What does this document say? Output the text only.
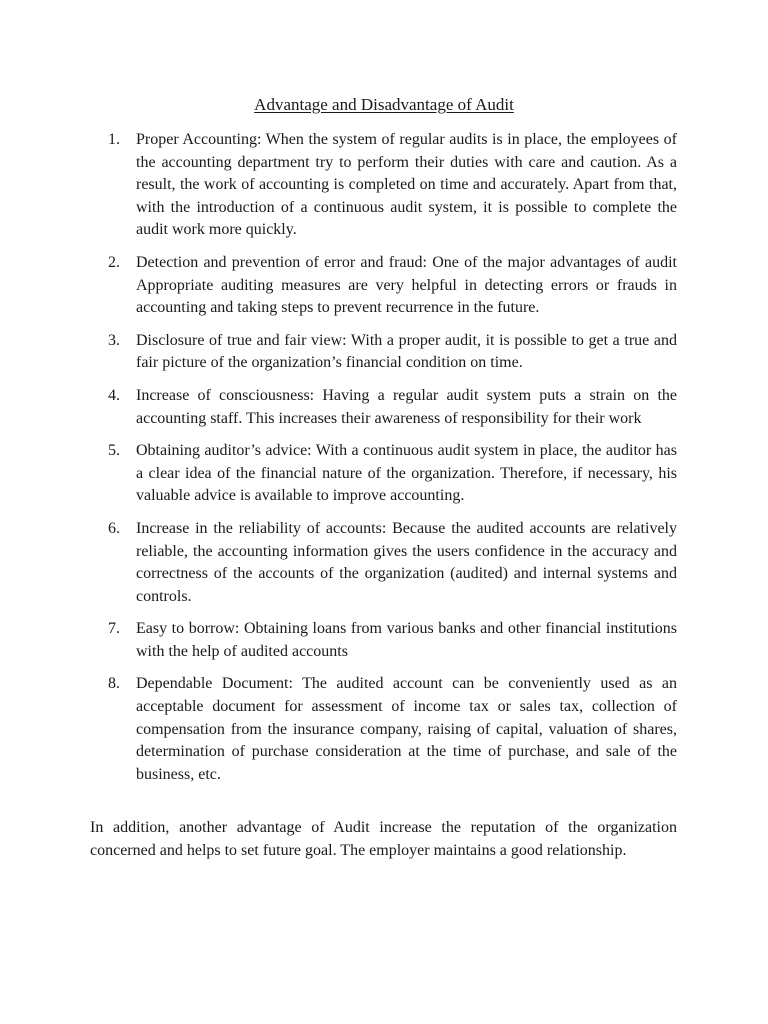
Advantage and Disadvantage of Audit
1.	Proper Accounting: When the system of regular audits is in place, the employees of the accounting department try to perform their duties with care and caution. As a result, the work of accounting is completed on time and accurately. Apart from that, with the introduction of a continuous audit system, it is possible to complete the audit work more quickly.
2.	Detection and prevention of error and fraud: One of the major advantages of audit Appropriate auditing measures are very helpful in detecting errors or frauds in accounting and taking steps to prevent recurrence in the future.
3.	Disclosure of true and fair view: With a proper audit, it is possible to get a true and fair picture of the organization’s financial condition on time.
4.	Increase of consciousness: Having a regular audit system puts a strain on the accounting staff. This increases their awareness of responsibility for their work
5.	Obtaining auditor’s advice: With a continuous audit system in place, the auditor has a clear idea of the financial nature of the organization. Therefore, if necessary, his valuable advice is available to improve accounting.
6.	Increase in the reliability of accounts: Because the audited accounts are relatively reliable, the accounting information gives the users confidence in the accuracy and correctness of the accounts of the organization (audited) and internal systems and controls.
7.	Easy to borrow: Obtaining loans from various banks and other financial institutions with the help of audited accounts
8.	Dependable Document: The audited account can be conveniently used as an acceptable document for assessment of income tax or sales tax, collection of compensation from the insurance company, raising of capital, valuation of shares, determination of purchase consideration at the time of purchase, and sale of the business, etc.

In addition, another advantage of Audit increase the reputation of the organization concerned and helps to set future goal. The employer maintains a good relationship.
